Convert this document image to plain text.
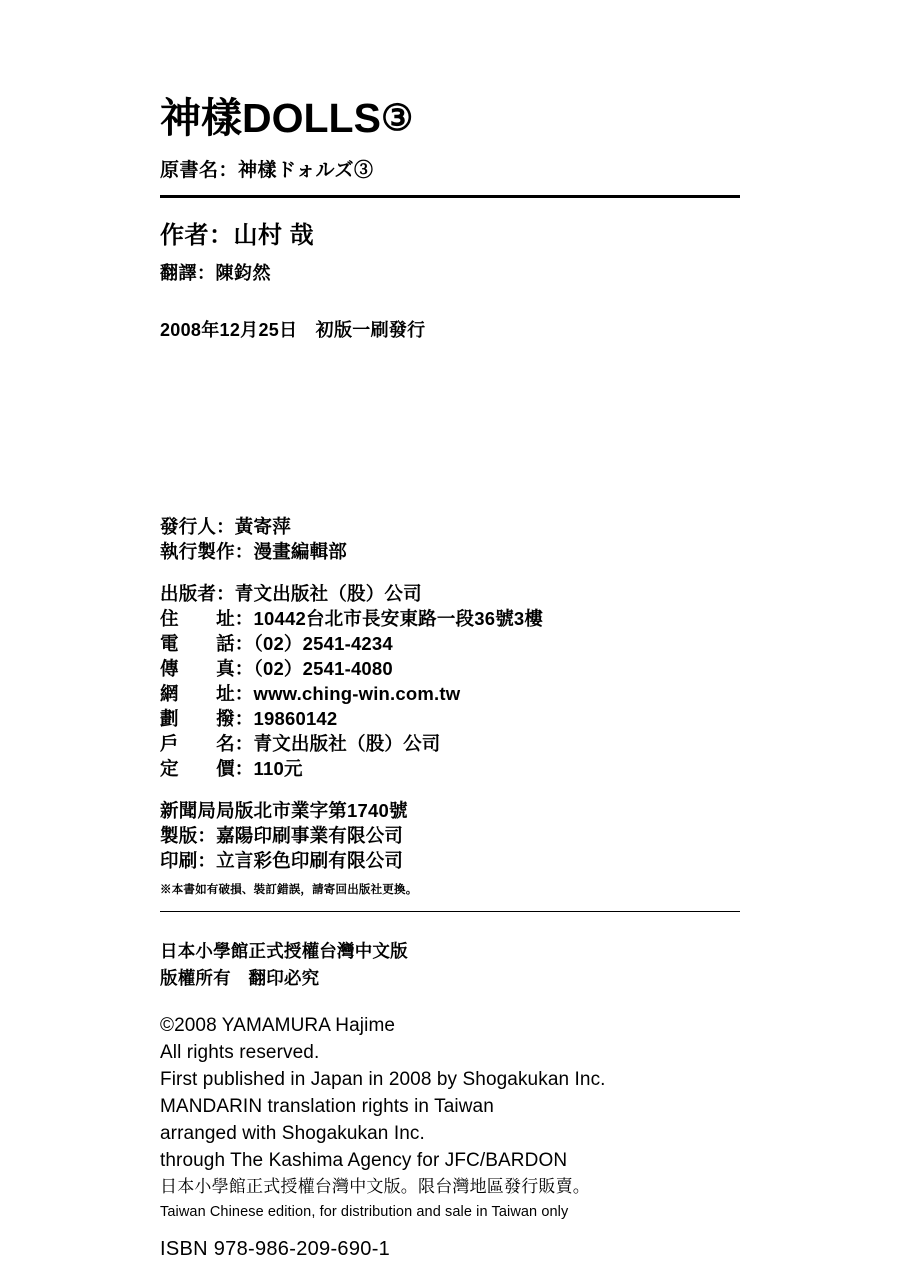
神樣DOLLS③
原書名：神樣ドォルズ③
作者：山村 哉
翻譯：陳鈞然
2008年12月25日　初版一刷發行
發行人：黃寄萍
執行製作：漫畫編輯部
出版者：青文出版社（股）公司
住　　址：10442台北市長安東路一段36號3樓
電　　話：（02）2541-4234
傳　　真：（02）2541-4080
網　　址：www.ching-win.com.tw
劃　　撥：19860142
戶　　名：青文出版社（股）公司
定　　價：110元
新聞局局版北市業字第1740號
製版：嘉陽印刷事業有限公司
印刷：立言彩色印刷有限公司
※本書如有破損、裝訂錯誤，請寄回出版社更換。
日本小學館正式授權台灣中文版
版權所有　翻印必究
©2008 YAMAMURA Hajime
All rights reserved.
First published in Japan in 2008 by Shogakukan Inc.
MANDARIN translation rights in Taiwan
arranged with Shogakukan Inc.
through The Kashima Agency for JFC/BARDON
日本小學館正式授權台灣中文版。限台灣地區發行販賣。
Taiwan Chinese edition, for distribution and sale in Taiwan only
ISBN 978-986-209-690-1
